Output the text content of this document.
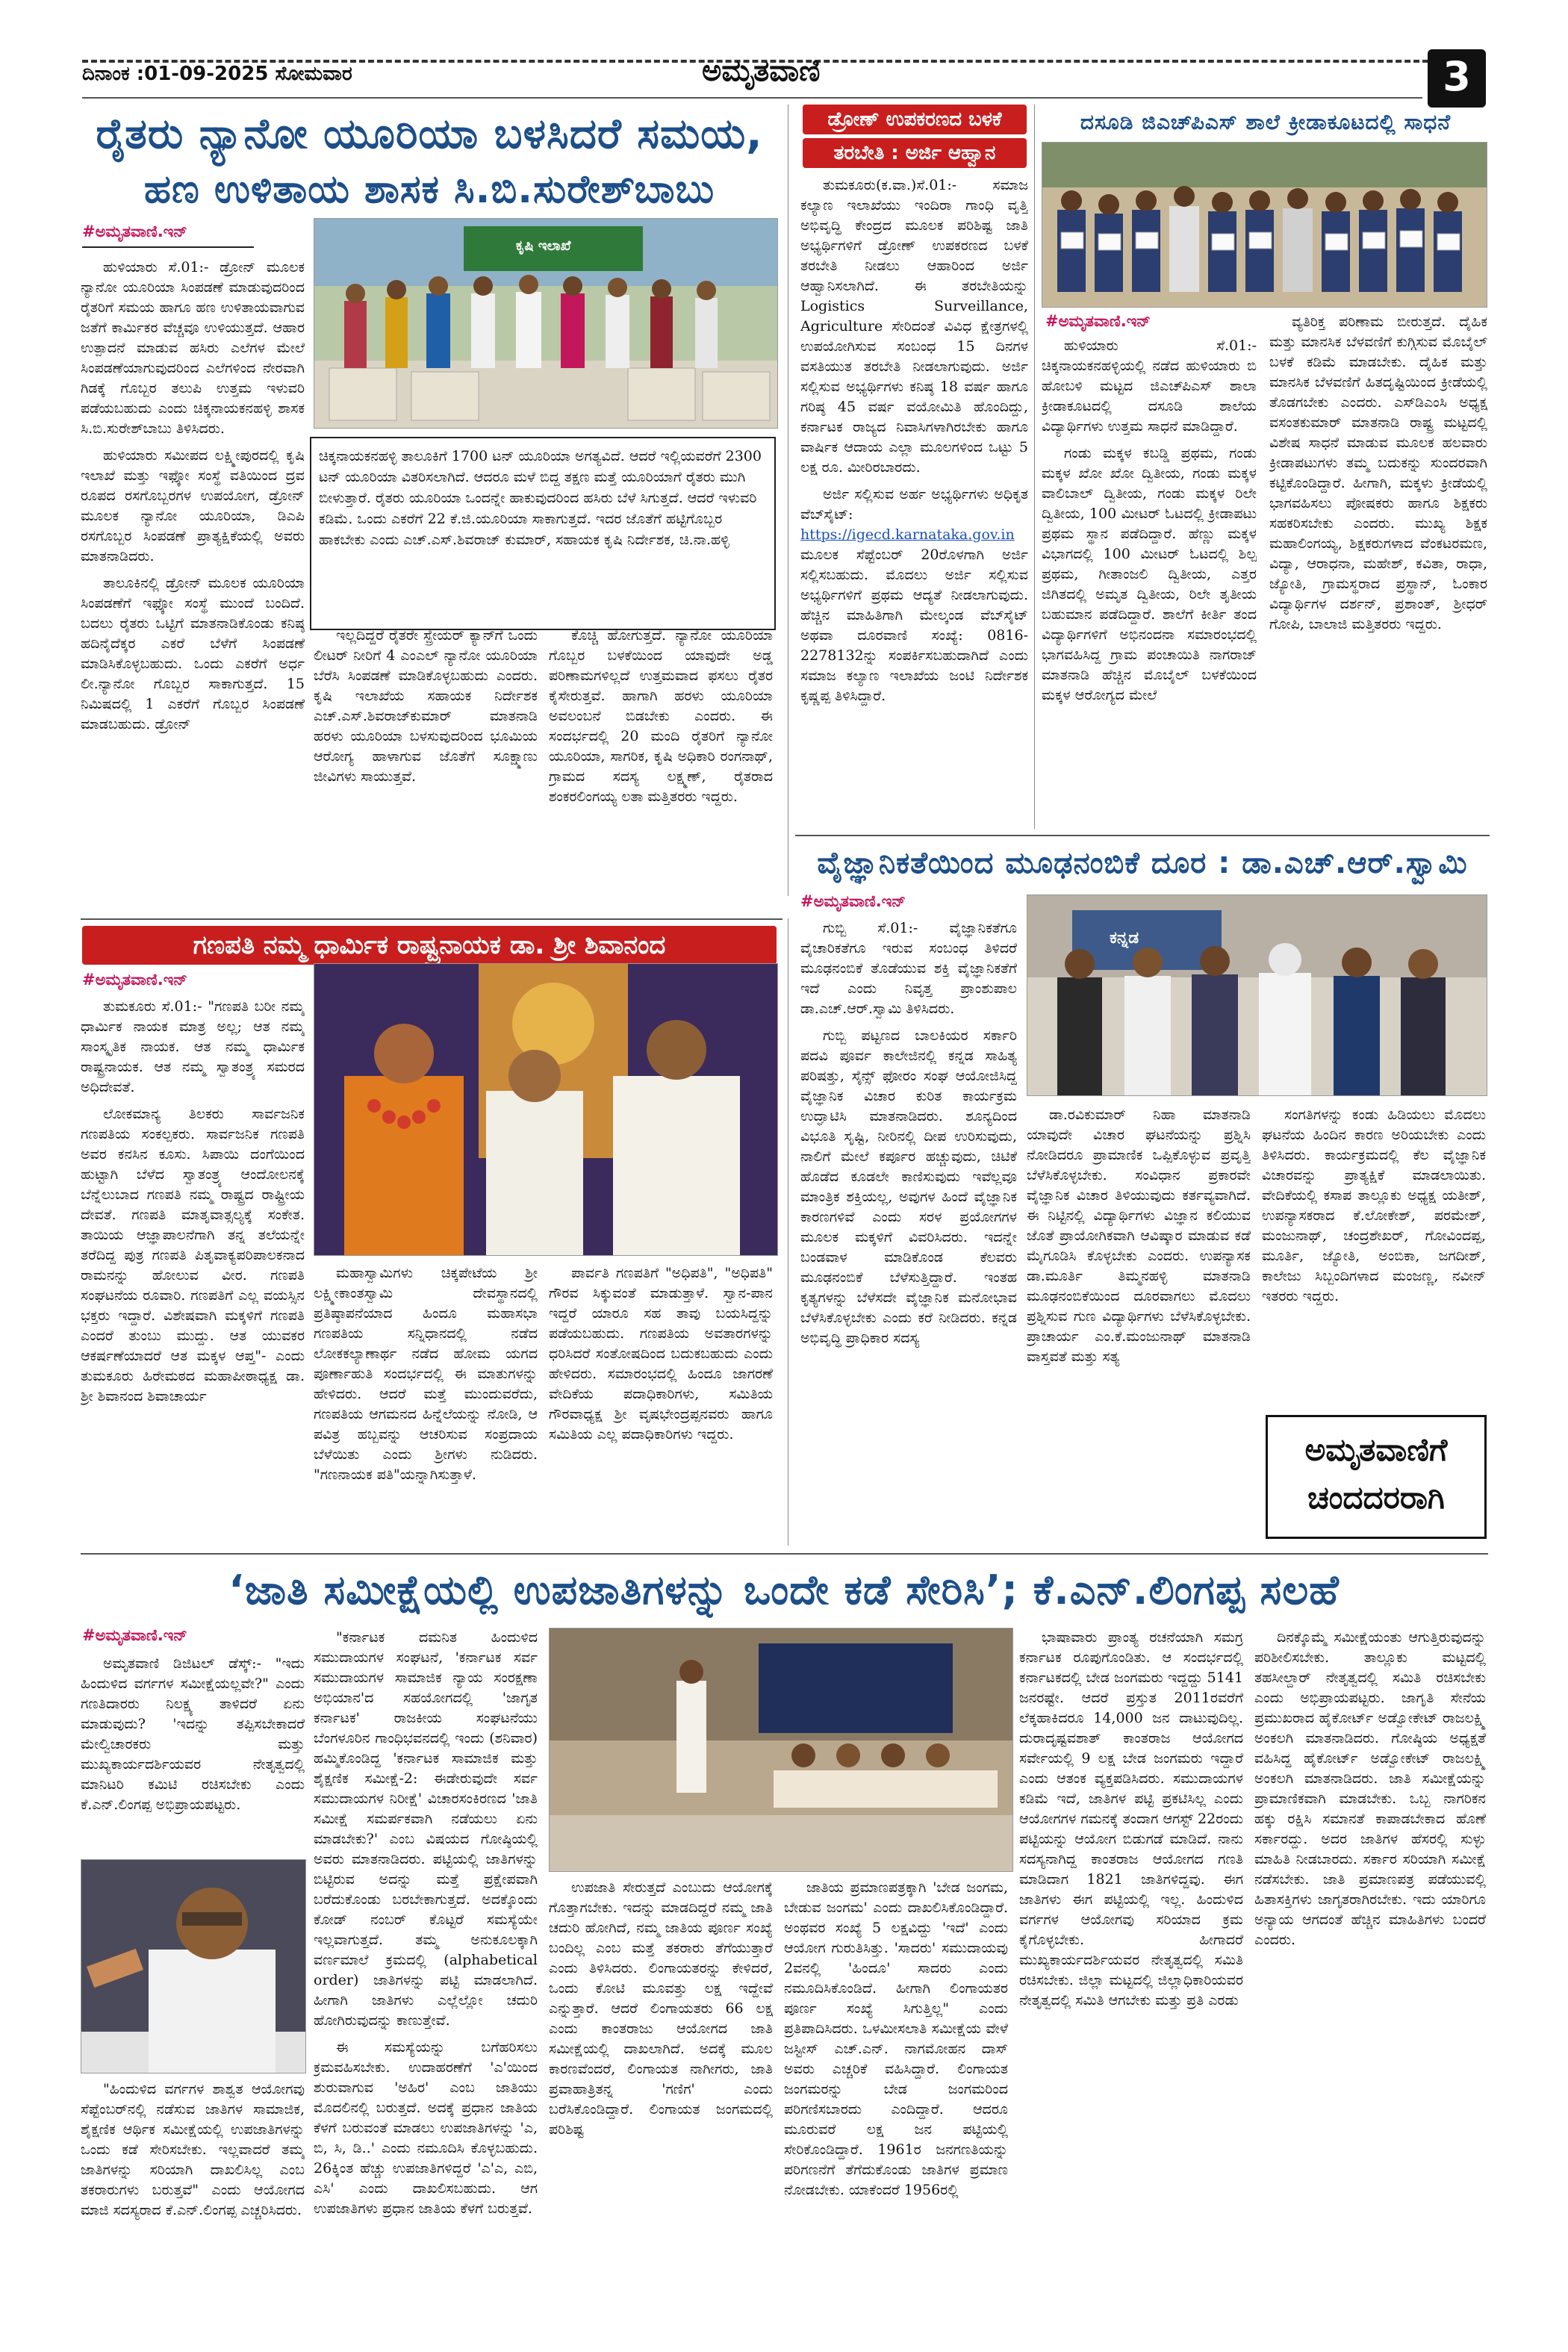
ದಿನಾಂಕ :01-09-2025 ಸೋಮವಾರ	ಅಮೃತವಾಣಿ	3
ರೈತರು ನ್ಯಾನೋ ಯೂರಿಯಾ ಬಳಸಿದರೆ ಸಮಯ,
ಹಣ ಉಳಿತಾಯ ಶಾಸಕ ಸಿ.ಬಿ.ಸುರೇಶ್‍ಬಾಬು
#ಅಮೃತವಾಣಿ.ಇನ್

ಹುಳಿಯಾರು ಸೆ.01:- ಡ್ರೋನ್ ಮೂಲಕ ನ್ಯಾನೋ ಯೂರಿಯಾ ಸಿಂಪಡಣೆ ಮಾಡುವುದರಿಂದ ರೈತರಿಗೆ ಸಮಯ ಹಾಗೂ ಹಣ ಉಳಿತಾಯವಾಗುವ ಜತೆಗೆ ಕಾರ್ಮಿಕರ ವೆಚ್ಚವೂ ಉಳಿಯುತ್ತದೆ. ಆಹಾರ ಉತ್ಪಾದನೆ ಮಾಡುವ ಹಸಿರು ಎಲೆಗಳ ಮೇಲೆ ಸಿಂಪಡಣೆಯಾಗುವುದರಿಂದ ಎಲೆಗಳಿಂದ ನೇರವಾಗಿ ಗಿಡಕ್ಕೆ ಗೊಬ್ಬರ ತಲುಪಿ ಉತ್ತಮ ಇಳುವರಿ ಪಡೆಯಬಹುದು ಎಂದು ಚಿಕ್ಕನಾಯಕನಹಳ್ಳಿ ಶಾಸಕ ಸಿ.ಬಿ.ಸುರೇಶ್‍ಬಾಬು ತಿಳಿಸಿದರು.

ಹುಳಿಯಾರು ಸಮೀಪದ ಲಕ್ಷ್ಮೀಪುರದಲ್ಲಿ ಕೃಷಿ ಇಲಾಖೆ ಮತ್ತು ಇಫ್ಕೋ ಸಂಸ್ಥೆ ವತಿಯಿಂದ ದ್ರವ ರೂಪದ ರಸಗೊಬ್ಬರಗಳ ಉಪಯೋಗ, ಡ್ರೋನ್ ಮೂಲಕ ನ್ಯಾನೋ ಯೂರಿಯಾ, ಡಿಎಪಿ ರಸಗೊಬ್ಬರ ಸಿಂಪಡಣೆ ಪ್ರಾತ್ಯಕ್ಷಿಕೆಯಲ್ಲಿ ಅವರು ಮಾತನಾಡಿದರು.

ತಾಲೂಕಿನಲ್ಲಿ ಡ್ರೋನ್ ಮೂಲಕ ಯೂರಿಯಾ ಸಿಂಪಡಣೆಗೆ ಇಫ್ಕೋ ಸಂಸ್ಥೆ ಮುಂದೆ ಬಂದಿದೆ. ಬದಲು ರೈತರು ಒಟ್ಟಿಗೆ ಮಾತನಾಡಿಕೊಂಡು ಕನಿಷ್ಠ ಹದಿನೈದೆಕ್ಕರ ಎಕರೆ ಬೆಳೆಗೆ ಸಿಂಪಡಣೆ ಮಾಡಿಸಿಕೊಳ್ಳಬಹುದು. ಒಂದು ಎಕರೆಗೆ ಅರ್ಧ ಲೀ.ನ್ಯಾನೋ ಗೊಬ್ಬರ ಸಾಕಾಗುತ್ತದೆ. 15 ನಿಮಿಷದಲ್ಲಿ 1 ಎಕರೆಗೆ ಗೊಬ್ಬರ ಸಿಂಪಡಣೆ ಮಾಡಬಹುದು. ಡ್ರೋನ್

ಕೃಷಿ ಇಲಾಖೆ
ಚಿಕ್ಕನಾಯಕನಹಳ್ಳಿ ತಾಲೂಕಿಗೆ 1700 ಟನ್ ಯೂರಿಯಾ ಅಗತ್ಯವಿದೆ. ಆದರೆ ಇಲ್ಲಿಯವರೆಗೆ 2300 ಟನ್ ಯೂರಿಯಾ ವಿತರಿಸಲಾಗಿದೆ. ಆದರೂ ಮಳೆ ಬಿದ್ದ ತಕ್ಷಣ ಮತ್ತೆ ಯೂರಿಯಾಗೆ ರೈತರು ಮುಗಿ ಬೀಳುತ್ತಾರೆ. ರೈತರು ಯೂರಿಯಾ ಒಂದನ್ನೇ ಹಾಕುವುದರಿಂದ ಹಸಿರು ಬೆಳೆ ಸಿಗುತ್ತದೆ. ಆದರೆ ಇಳುವರಿ ಕಡಿಮೆ. ಒಂದು ಎಕರೆಗೆ 22 ಕೆ.ಜಿ.ಯೂರಿಯಾ ಸಾಕಾಗುತ್ತದೆ. ಇದರ ಜೊತೆಗೆ ಹಟ್ಟಿಗೊಬ್ಬರ ಹಾಕಬೇಕು ಎಂದು ಎಚ್.ಎಸ್.ಶಿವರಾಜ್ ಕುಮಾರ್, ಸಹಾಯಕ ಕೃಷಿ ನಿರ್ದೇಶಕ, ಚಿ.ನಾ.ಹಳ್ಳಿ

ಇಲ್ಲದಿದ್ದರೆ ರೈತರೇ ಸ್ಪ್ರೇಯರ್ ಕ್ಯಾನ್‍ಗೆ ಒಂದು ಲೀಟರ್ ನೀರಿಗೆ 4 ಎಂಎಲ್ ನ್ಯಾನೋ ಯೂರಿಯಾ ಬೆರೆಸಿ ಸಿಂಪಡಣೆ ಮಾಡಿಕೊಳ್ಳಬಹುದು ಎಂದರು. ಕೃಷಿ ಇಲಾಖೆಯ ಸಹಾಯಕ ನಿರ್ದೇಶಕ ಎಚ್.ಎಸ್.ಶಿವರಾಜ್‍ಕುಮಾರ್ ಮಾತನಾಡಿ ಹರಳು ಯೂರಿಯಾ ಬಳಸುವುದರಿಂದ ಭೂಮಿಯ ಆರೋಗ್ಯ ಹಾಳಾಗುವ ಜೊತೆಗೆ ಸೂಕ್ಷ್ಮಾಣು ಜೀವಿಗಳು ಸಾಯುತ್ತವೆ.

ಕೊಚ್ಚಿ ಹೋಗುತ್ತದೆ. ನ್ಯಾನೋ ಯೂರಿಯಾ ಗೊಬ್ಬರ ಬಳಕೆಯಿಂದ ಯಾವುದೇ ಅಡ್ಡ ಪರಿಣಾಮಗಳಿಲ್ಲದೆ ಉತ್ತಮವಾದ ಫಸಲು ರೈತರ ಕೈಸೇರುತ್ತವೆ. ಹಾಗಾಗಿ ಹರಳು ಯೂರಿಯಾ ಅವಲಂಬನೆ ಬಿಡಬೇಕು ಎಂದರು. ಈ ಸಂದರ್ಭದಲ್ಲಿ 20 ಮಂದಿ ರೈತರಿಗೆ ನ್ಯಾನೋ ಯೂರಿಯಾ, ಸಾಗರಿಕ, ಕೃಷಿ ಅಧಿಕಾರಿ ರಂಗನಾಥ್, ಗ್ರಾಮದ ಸದಸ್ಯ ಲಕ್ಷ್ಮಣ್, ರೈತರಾದ ಶಂಕರಲಿಂಗಯ್ಯ ಲತಾ ಮತ್ತಿತರರು ಇದ್ದರು.

ಡ್ರೋಣ್ ಉಪಕರಣದ ಬಳಕೆ
ತರಬೇತಿ : ಅರ್ಜಿ ಆಹ್ವಾನ

ತುಮಕೂರು(ಕ.ವಾ.)ಸೆ.01:- ಸಮಾಜ ಕಲ್ಯಾಣ ಇಲಾಖೆಯು ಇಂದಿರಾ ಗಾಂಧಿ ವೃತ್ತಿ ಅಭಿವೃದ್ಧಿ ಕೇಂದ್ರದ ಮೂಲಕ ಪರಿಶಿಷ್ಟ ಜಾತಿ ಅಭ್ಯರ್ಥಿಗಳಿಗೆ ಡ್ರೋಣ್ ಉಪಕರಣದ ಬಳಕೆ ತರಬೇತಿ ನೀಡಲು ಆಹಾರಿಂದ ಅರ್ಜಿ ಆಹ್ವಾನಿಸಲಾಗಿದೆ. ಈ ತರಬೇತಿಯನ್ನು Logistics Surveillance, Agriculture ಸೇರಿದಂತೆ ವಿವಿಧ ಕ್ಷೇತ್ರಗಳಲ್ಲಿ ಉಪಯೋಗಿಸುವ ಸಂಬಂಧ 15 ದಿನಗಳ ವಸತಿಯುತ ತರಬೇತಿ ನೀಡಲಾಗುವುದು. ಅರ್ಜಿ ಸಲ್ಲಿಸುವ ಅಭ್ಯರ್ಥಿಗಳು ಕನಿಷ್ಠ 18 ವರ್ಷ ಹಾಗೂ ಗರಿಷ್ಠ 45 ವರ್ಷ ವಯೋಮಿತಿ ಹೊಂದಿದ್ದು, ಕರ್ನಾಟಕ ರಾಜ್ಯದ ನಿವಾಸಿಗಳಾಗಿರಬೇಕು ಹಾಗೂ ವಾರ್ಷಿಕ ಆದಾಯ ಎಲ್ಲಾ ಮೂಲಗಳಿಂದ ಒಟ್ಟು 5 ಲಕ್ಷ ರೂ. ಮೀರಿರಬಾರದು.

ಅರ್ಜಿ ಸಲ್ಲಿಸುವ ಅರ್ಹ ಅಭ್ಯರ್ಥಿಗಳು ಅಧಿಕೃತ ವೆಬ್‍ಸೈಟ್: https://igecd.karnataka.gov.in ಮೂಲಕ ಸೆಪ್ಟೆಂಬರ್ 20ರೊಳಗಾಗಿ ಅರ್ಜಿ ಸಲ್ಲಿಸಬಹುದು. ಮೊದಲು ಅರ್ಜಿ ಸಲ್ಲಿಸುವ ಅಭ್ಯರ್ಥಿಗಳಿಗೆ ಪ್ರಥಮ ಆದ್ಯತೆ ನೀಡಲಾಗುವುದು. ಹೆಚ್ಚಿನ ಮಾಹಿತಿಗಾಗಿ ಮೇಲ್ಕಂಡ ವೆಬ್‍ಸೈಟ್ ಅಥವಾ ದೂರವಾಣಿ ಸಂಖ್ಯೆ: 0816-2278132ನ್ನು ಸಂಪರ್ಕಿಸಬಹುದಾಗಿದೆ ಎಂದು ಸಮಾಜ ಕಲ್ಯಾಣ ಇಲಾಖೆಯ ಜಂಟಿ ನಿರ್ದೇಶಕ ಕೃಷ್ಣಪ್ಪ ತಿಳಿಸಿದ್ದಾರೆ.

ದಸೂಡಿ ಜಿಎಚ್‍ಪಿಎಸ್ ಶಾಲೆ ಕ್ರೀಡಾಕೂಟದಲ್ಲಿ ಸಾಧನೆ
#ಅಮೃತವಾಣಿ.ಇನ್

ಹುಳಿಯಾರು ಸೆ.01:- ಚಿಕ್ಕನಾಯಕನಹಳ್ಳಿಯಲ್ಲಿ ನಡೆದ ಹುಳಿಯಾರು ಬಿ ಹೋಬಳಿ ಮಟ್ಟದ ಜಿಎಚ್‍ಪಿಎಸ್ ಶಾಲಾ ಕ್ರೀಡಾಕೂಟದಲ್ಲಿ ದಸೂಡಿ ಶಾಲೆಯ ವಿದ್ಯಾರ್ಥಿಗಳು ಉತ್ತಮ ಸಾಧನೆ ಮಾಡಿದ್ದಾರೆ.

ಗಂಡು ಮಕ್ಕಳ ಕಬಡ್ಡಿ ಪ್ರಥಮ, ಗಂಡು ಮಕ್ಕಳ ಖೋ ಖೋ ದ್ವಿತೀಯ, ಗಂಡು ಮಕ್ಕಳ ವಾಲಿಬಾಲ್ ದ್ವಿತೀಯ, ಗಂಡು ಮಕ್ಕಳ ರಿಲೇ ದ್ವಿತೀಯ, 100 ಮೀಟರ್ ಓಟದಲ್ಲಿ ಕ್ರೀಡಾಪಟು ಪ್ರಥಮ ಸ್ಥಾನ ಪಡೆದಿದ್ದಾರೆ. ಹೆಣ್ಣು ಮಕ್ಕಳ ವಿಭಾಗದಲ್ಲಿ 100 ಮೀಟರ್ ಓಟದಲ್ಲಿ ಶಿಲ್ಪ ಪ್ರಥಮ, ಗೀತಾಂಜಲಿ ದ್ವಿತೀಯ, ಎತ್ತರ ಜಿಗಿತದಲ್ಲಿ ಅಮೃತ ದ್ವಿತೀಯ, ರಿಲೇ ತೃತೀಯ ಬಹುಮಾನ ಪಡೆದಿದ್ದಾರೆ. ಶಾಲೆಗೆ ಕೀರ್ತಿ ತಂದ ವಿದ್ಯಾರ್ಥಿಗಳಿಗೆ ಅಭಿನಂದನಾ ಸಮಾರಂಭದಲ್ಲಿ ಭಾಗವಹಿಸಿದ್ದ ಗ್ರಾಮ ಪಂಚಾಯಿತಿ ನಾಗರಾಜ್ ಮಾತನಾಡಿ ಹೆಚ್ಚಿನ ಮೊಬೈಲ್ ಬಳಕೆಯಿಂದ ಮಕ್ಕಳ ಆರೋಗ್ಯದ ಮೇಲೆ

ವ್ಯತಿರಿಕ್ತ ಪರಿಣಾಮ ಬೀರುತ್ತದೆ. ದೈಹಿಕ ಮತ್ತು ಮಾನಸಿಕ ಬೆಳವಣಿಗೆ ಕುಗ್ಗಿಸುವ ಮೊಬೈಲ್ ಬಳಕೆ ಕಡಿಮೆ ಮಾಡಬೇಕು. ದೈಹಿಕ ಮತ್ತು ಮಾನಸಿಕ ಬೆಳವಣಿಗೆ ಹಿತದೃಷ್ಟಿಯಿಂದ ಕ್ರೀಡೆಯಲ್ಲಿ ತೊಡಗಬೇಕು ಎಂದರು. ಎಸ್‍ಡಿಎಂಸಿ ಅಧ್ಯಕ್ಷ ವಸಂತಕುಮಾರ್ ಮಾತನಾಡಿ ರಾಷ್ಟ್ರ ಮಟ್ಟದಲ್ಲಿ ವಿಶೇಷ ಸಾಧನೆ ಮಾಡುವ ಮೂಲಕ ಹಲವಾರು ಕ್ರೀಡಾಪಟುಗಳು ತಮ್ಮ ಬದುಕನ್ನು ಸುಂದರವಾಗಿ ಕಟ್ಟಿಕೊಂಡಿದ್ದಾರೆ. ಹೀಗಾಗಿ, ಮಕ್ಕಳು ಕ್ರೀಡೆಯಲ್ಲಿ ಭಾಗವಹಿಸಲು ಪೋಷಕರು ಹಾಗೂ ಶಿಕ್ಷಕರು ಸಹಕರಿಸಬೇಕು ಎಂದರು. ಮುಖ್ಯ ಶಿಕ್ಷಕ ಮಹಾಲಿಂಗಯ್ಯ, ಶಿಕ್ಷಕರುಗಳಾದ ವೆಂಕಟರಮಣ, ವಿದ್ಯಾ, ಆರಾಧನಾ, ಮಹೇಶ್, ಕವಿತಾ, ರಾಧಾ, ಜ್ಯೋತಿ, ಗ್ರಾಮಸ್ಥರಾದ ಪ್ರಸ್ಥಾನ್, ಓಂಕಾರ ವಿದ್ಯಾರ್ಥಿಗಳ ದರ್ಶನ್, ಪ್ರಶಾಂತ್, ಶ್ರೀಧರ್ ಗೋಪಿ, ಬಾಲಾಜಿ ಮತ್ತಿತರರು ಇದ್ದರು.

ಗಣಪತಿ ನಮ್ಮ ಧಾರ್ಮಿಕ ರಾಷ್ಟ್ರನಾಯಕ ಡಾ. ಶ್ರೀ ಶಿವಾನಂದ
#ಅಮೃತವಾಣಿ.ಇನ್

ತುಮಕೂರು ಸೆ.01:- "ಗಣಪತಿ ಬರೀ ನಮ್ಮ ಧಾರ್ಮಿಕ ನಾಯಕ ಮಾತ್ರ ಅಲ್ಲ; ಆತ ನಮ್ಮ ಸಾಂಸ್ಕೃತಿಕ ನಾಯಕ. ಆತ ನಮ್ಮ ಧಾರ್ಮಿಕ ರಾಷ್ಟ್ರನಾಯಕ. ಆತ ನಮ್ಮ ಸ್ವಾತಂತ್ರ್ಯ ಸಮರದ ಅಧಿದೇವತೆ.

ಲೋಕಮಾನ್ಯ ತಿಲಕರು ಸಾರ್ವಜನಿಕ ಗಣಪತಿಯ ಸಂಕಲ್ಪಕರು. ಸಾರ್ವಜನಿಕ ಗಣಪತಿ ಅವರ ಕನಸಿನ ಕೂಸು. ಸಿಪಾಯಿ ದಂಗೆಯಿಂದ ಹುಟ್ಟಾಗಿ ಬೆಳೆದ ಸ್ವಾತಂತ್ರ್ಯ ಆಂದೋಲನಕ್ಕೆ ಬೆನ್ನೆಲುಬಾದ ಗಣಪತಿ ನಮ್ಮ ರಾಷ್ಟ್ರದ ರಾಷ್ಟ್ರೀಯ ದೇವತೆ. ಗಣಪತಿ ಮಾತೃವಾತ್ಸಲ್ಯಕ್ಕೆ ಸಂಕೇತ. ತಾಯಿಯ ಆಜ್ಞಾಪಾಲನೆಗಾಗಿ ತನ್ನ ತಲೆಯನ್ನೇ ತರೆದಿದ್ದ ಪುತ್ರ ಗಣಪತಿ ಪಿತೃವಾಕ್ಯಪರಿಪಾಲಕನಾದ ರಾಮನನ್ನು ಹೋಲುವ ವೀರ. ಗಣಪತಿ ಸಂಘಟನೆಯ ರೂವಾರಿ. ಗಣಪತಿಗೆ ಎಲ್ಲ ವಯಸ್ಸಿನ ಭಕ್ತರು ಇದ್ದಾರೆ. ವಿಶೇಷವಾಗಿ ಮಕ್ಕಳಿಗೆ ಗಣಪತಿ ಎಂದರೆ ತುಂಬು ಮುದ್ದು. ಆತ ಯುವಕರ ಆಕರ್ಷಣೆಯಾದರೆ ಆತ ಮಕ್ಕಳ ಆಪ್ತ"- ಎಂದು ತುಮಕೂರು ಹಿರೇಮಠದ ಮಹಾಪೀಠಾಧ್ಯಕ್ಷ ಡಾ. ಶ್ರೀ ಶಿವಾನಂದ ಶಿವಾಚಾರ್ಯ

ಮಹಾಸ್ವಾಮಿಗಳು ಚಿಕ್ಕಪೇಟೆಯ ಶ್ರೀ ಲಕ್ಷ್ಮೀಕಾಂತಸ್ವಾಮಿ ದೇವಸ್ಥಾನದಲ್ಲಿ ಪ್ರತಿಷ್ಠಾಪನೆಯಾದ ಹಿಂದೂ ಮಹಾಸಭಾ ಗಣಪತಿಯ ಸನ್ನಿಧಾನದಲ್ಲಿ ನಡೆದ ಲೋಕಕಲ್ಯಾಣಾರ್ಥ ನಡೆದ ಹೋಮ ಯಗದ ಪೂರ್ಣಾಹುತಿ ಸಂದರ್ಭದಲ್ಲಿ ಈ ಮಾತುಗಳನ್ನು ಹೇಳಿದರು. ಆದರೆ ಮತ್ತೆ ಮುಂದುವರೆದು, ಗಣಪತಿಯ ಆಗಮನದ ಹಿನ್ನೆಲೆಯನ್ನು ನೋಡಿ, ಆ ಪವಿತ್ರ ಹಬ್ಬವನ್ನು ಆಚರಿಸುವ ಸಂಪ್ರದಾಯ ಬೆಳೆಯಿತು ಎಂದು ಶ್ರೀಗಳು ನುಡಿದರು. "ಗಣನಾಯಕ ಪತಿ"ಯನ್ನಾಗಿಸುತ್ತಾಳೆ.

ಪಾರ್ವತಿ ಗಣಪತಿಗೆ "ಅಧಿಪತಿ", "ಅಧಿಪತಿ" ಗೌರವ ಸಿಕ್ಕುವಂತೆ ಮಾಡುತ್ತಾಳೆ. ಸ್ವಾನ-ಪಾನ ಇದ್ದರೆ ಯಾರೂ ಸಹ ತಾವು ಬಯಸಿದ್ದನ್ನು ಪಡೆಯಬಹುದು. ಗಣಪತಿಯ ಅವತಾರಗಳನ್ನು ಧರಿಸಿದರೆ ಸಂತೋಷದಿಂದ ಬದುಕಬಹುದು ಎಂದು ಹೇಳಿದರು. ಸಮಾರಂಭದಲ್ಲಿ ಹಿಂದೂ ಜಾಗರಣೆ ವೇದಿಕೆಯ ಪದಾಧಿಕಾರಿಗಳು, ಸಮಿತಿಯ ಗೌರವಾಧ್ಯಕ್ಷ ಶ್ರೀ ವೃಷಭೇಂದ್ರಪ್ಪನವರು ಹಾಗೂ ಸಮಿತಿಯ ಎಲ್ಲ ಪದಾಧಿಕಾರಿಗಳು ಇದ್ದರು.

ವೈಜ್ಞಾನಿಕತೆಯಿಂದ ಮೂಢನಂಬಿಕೆ ದೂರ : ಡಾ.ಎಚ್.ಆರ್.ಸ್ವಾಮಿ
#ಅಮೃತವಾಣಿ.ಇನ್

ಗುಬ್ಬಿ ಸೆ.01:- ವೈಜ್ಞಾನಿಕತೆಗೂ ವೈಚಾರಿಕತೆಗೂ ಇರುವ ಸಂಬಂಧ ತಿಳಿದರೆ ಮೂಢನಂಬಿಕೆ ತೊಡೆಯುವ ಶಕ್ತಿ ವೈಜ್ಞಾನಿಕತೆಗೆ ಇದೆ ಎಂದು ನಿವೃತ್ತ ಪ್ರಾಂಶುಪಾಲ ಡಾ.ಎಚ್.ಆರ್.ಸ್ವಾಮಿ ತಿಳಿಸಿದರು.

ಗುಬ್ಬಿ ಪಟ್ಟಣದ ಬಾಲಕಿಯರ ಸರ್ಕಾರಿ ಪದವಿ ಪೂರ್ವ ಕಾಲೇಜಿನಲ್ಲಿ ಕನ್ನಡ ಸಾಹಿತ್ಯ ಪರಿಷತ್ತು, ಸೈನ್ಸ್ ಫೋರಂ ಸಂಘ ಆಯೋಜಿಸಿದ್ದ ವೈಜ್ಞಾನಿಕ ವಿಚಾರ ಕುರಿತ ಕಾರ್ಯಕ್ರಮ ಉದ್ಘಾಟಿಸಿ ಮಾತನಾಡಿದರು. ಶೂನ್ಯದಿಂದ ವಿಭೂತಿ ಸೃಷ್ಟಿ, ನೀರಿನಲ್ಲಿ ದೀಪ ಉರಿಸುವುದು, ನಾಲಿಗೆ ಮೇಲೆ ಕರ್ಪೂರ ಹಚ್ಚುವುದು, ಚಿಟಿಕೆ ಹೊಡೆದ ಕೂಡಲೇ ಕಾಣಿಸುವುದು ಇವೆಲ್ಲವೂ ಮಾಂತ್ರಿಕ ಶಕ್ತಿಯಲ್ಲ, ಅವುಗಳ ಹಿಂದೆ ವೈಜ್ಞಾನಿಕ ಕಾರಣಗಳಿವೆ ಎಂದು ಸರಳ ಪ್ರಯೋಗಗಳ ಮೂಲಕ ಮಕ್ಕಳಿಗೆ ವಿವರಿಸಿದರು. ಇದನ್ನೇ ಬಂಡವಾಳ ಮಾಡಿಕೊಂಡ ಕೆಲವರು ಮೂಢನಂಬಿಕೆ ಬೆಳೆಸುತ್ತಿದ್ದಾರೆ. ಇಂತಹ ಕೃತ್ಯಗಳನ್ನು ಬೆಳೆಸದೇ ವೈಜ್ಞಾನಿಕ ಮನೋಭಾವ ಬೆಳೆಸಿಕೊಳ್ಳಬೇಕು ಎಂದು ಕರೆ ನೀಡಿದರು. ಕನ್ನಡ ಅಭಿವೃದ್ಧಿ ಪ್ರಾಧಿಕಾರ ಸದಸ್ಯ

ಕನ್ನಡ

ಡಾ.ರವಿಕುಮಾರ್ ನಿಹಾ ಮಾತನಾಡಿ ಯಾವುದೇ ವಿಚಾರ ಘಟನೆಯನ್ನು ಪ್ರಶ್ನಿಸಿ ನೋಡಿದರೂ ಪ್ರಾಮಾಣಿಕ ಒಪ್ಪಿಕೊಳ್ಳುವ ಪ್ರವೃತ್ತಿ ಬೆಳೆಸಿಕೊಳ್ಳಬೇಕು. ಸಂವಿಧಾನ ಪ್ರಕಾರವೇ ವೈಜ್ಞಾನಿಕ ವಿಚಾರ ತಿಳಿಯುವುದು ಕರ್ತವ್ಯವಾಗಿದೆ. ಈ ನಿಟ್ಟಿನಲ್ಲಿ ವಿದ್ಯಾರ್ಥಿಗಳು ವಿಜ್ಞಾನ ಕಲಿಯುವ ಜೊತೆ ಪ್ರಾಯೋಗಿಕವಾಗಿ ಆವಿಷ್ಕಾರ ಮಾಡುವ ಕಡೆ ಮೈಗೂಡಿಸಿ ಕೊಳ್ಳಬೇಕು ಎಂದರು. ಉಪನ್ಯಾಸಕ ಡಾ.ಮೂರ್ತಿ ತಿಮ್ಮನಹಳ್ಳಿ ಮಾತನಾಡಿ ಮೂಢನಂಬಿಕೆಯಿಂದ ದೂರವಾಗಲು ಮೊದಲು ಪ್ರಶ್ನಿಸುವ ಗುಣ ವಿದ್ಯಾರ್ಥಿಗಳು ಬೆಳೆಸಿಕೊಳ್ಳಬೇಕು. ಪ್ರಾಚಾರ್ಯ ಎಂ.ಕೆ.ಮಂಜುನಾಥ್ ಮಾತನಾಡಿ ವಾಸ್ತವತೆ ಮತ್ತು ಸತ್ಯ

ಸಂಗತಿಗಳನ್ನು ಕಂಡು ಹಿಡಿಯಲು ಮೊದಲು ಘಟನೆಯ ಹಿಂದಿನ ಕಾರಣ ಅರಿಯಬೇಕು ಎಂದು ತಿಳಿಸಿದರು. ಕಾರ್ಯಕ್ರಮದಲ್ಲಿ ಕೆಲ ವೈಜ್ಞಾನಿಕ ವಿಚಾರವನ್ನು ಪ್ರಾತ್ಯಕ್ಷಿಕೆ ಮಾಡಲಾಯಿತು. ವೇದಿಕೆಯಲ್ಲಿ ಕಸಾಪ ತಾಲ್ಲೂಕು ಅಧ್ಯಕ್ಷ ಯತೀಶ್, ಉಪನ್ಯಾಸಕರಾದ ಕೆ.ಲೋಕೇಶ್, ಪರಮೇಶ್, ಮಂಜುನಾಥ್, ಚಂದ್ರಶೇಖರ್, ಗೋವಿಂದಪ್ಪ, ಮೂರ್ತಿ, ಜ್ಯೋತಿ, ಅಂಬಿಕಾ, ಜಗದೀಶ್, ಕಾಲೇಜು ಸಿಬ್ಬಂದಿಗಳಾದ ಮಂಜಣ್ಣ, ನವೀನ್ ಇತರರು ಇದ್ದರು.

ಅಮೃತವಾಣಿಗೆ
ಚಂದದರರಾಗಿ
‘ಜಾತಿ ಸಮೀಕ್ಷೆಯಲ್ಲಿ ಉಪಜಾತಿಗಳನ್ನು ಒಂದೇ ಕಡೆ ಸೇರಿಸಿ’; ಕೆ.ಎನ್.ಲಿಂಗಪ್ಪ ಸಲಹೆ
#ಅಮೃತವಾಣಿ.ಇನ್

ಅಮೃತವಾಣಿ ಡಿಜಿಟಲ್ ಡೆಸ್ಕ್:- "ಇದು ಹಿಂದುಳಿದ ವರ್ಗಗಳ ಸಮೀಕ್ಷೆಯಲ್ಲವೇ?" ಎಂದು ಗಣತಿದಾರರು ನಿಲಕ್ಷ್ಯ ತಾಳಿದರೆ ಏನು ಮಾಡುವುದು? 'ಇದನ್ನು ತಪ್ಪಿಸಬೇಕಾದರೆ ಮೇಲ್ವಿಚಾರಕರು ಮತ್ತು ಮುಖ್ಯಕಾರ್ಯದರ್ಶಿಯವರ ನೇತೃತ್ವದಲ್ಲಿ ಮಾನಿಟರಿ ಕಮಿಟಿ ರಚಿಸಬೇಕು ಎಂದು ಕೆ.ಎನ್.ಲಿಂಗಪ್ಪ ಅಭಿಪ್ರಾಯಪಟ್ಟರು.

"ಹಿಂದುಳಿದ ವರ್ಗಗಳ ಶಾಶ್ವತ ಆಯೋಗವು ಸೆಪ್ಟೆಂಬರ್‌ನಲ್ಲಿ ನಡೆಸುವ ಜಾತಿಗಳ ಸಾಮಾಜಿಕ, ಶೈಕ್ಷಣಿಕ ಆರ್ಥಿಕ ಸಮೀಕ್ಷೆಯಲ್ಲಿ ಉಪಜಾತಿಗಳನ್ನು ಒಂದು ಕಡೆ ಸೇರಿಸಬೇಕು. ಇಲ್ಲವಾದರೆ ತಮ್ಮ ಜಾತಿಗಳನ್ನು ಸರಿಯಾಗಿ ದಾಖಲಿಸಿಲ್ಲ ಎಂಬ ತಕರಾರುಗಳು ಬರುತ್ತವೆ" ಎಂದು ಆಯೋಗದ ಮಾಜಿ ಸದಸ್ಯರಾದ ಕೆ.ಎನ್.ಲಿಂಗಪ್ಪ ಎಚ್ಚರಿಸಿದರು.

"ಕರ್ನಾಟಕ ದಮನಿತ ಹಿಂದುಳಿದ ಸಮುದಾಯಗಳ ಸಂಘಟನೆ, 'ಕರ್ನಾಟಕ ಸರ್ವ ಸಮುದಾಯಗಳ ಸಾಮಾಜಿಕ ನ್ಯಾಯ ಸಂರಕ್ಷಣಾ ಅಭಿಯಾನ'ದ ಸಹಯೋಗದಲ್ಲಿ 'ಜಾಗೃತ ಕರ್ನಾಟಕ' ರಾಜಕೀಯ ಸಂಘಟನೆಯು ಬೆಂಗಳೂರಿನ ಗಾಂಧಿಭವನದಲ್ಲಿ ಇಂದು (ಶನಿವಾರ) ಹಮ್ಮಿಕೊಂಡಿದ್ದ 'ಕರ್ನಾಟಕ ಸಾಮಾಜಿಕ ಮತ್ತು ಶೈಕ್ಷಣಿಕ ಸಮೀಕ್ಷೆ-2: ಈಡೇರುವುದೇ ಸರ್ವ ಸಮುದಾಯಗಳ ನಿರೀಕ್ಷೆ' ವಿಚಾರಸಂಕಿರಣದ 'ಜಾತಿ ಸಮೀಕ್ಷೆ ಸಮರ್ಪಕವಾಗಿ ನಡೆಯಲು ಏನು ಮಾಡಬೇಕು?' ಎಂಬ ವಿಷಯದ ಗೋಷ್ಠಿಯಲ್ಲಿ ಅವರು ಮಾತನಾಡಿದರು. ಪಟ್ಟಿಯಲ್ಲಿ ಜಾತಿಗಳನ್ನು ಬಿಟ್ಟಿರುವ ಅದನ್ನು ಮತ್ತೆ ಪ್ರಕ್ಷೇಪವಾಗಿ ಬರೆದುಕೊಂಡು ಬರಬೇಕಾಗುತ್ತದೆ. ಅದಕ್ಕೊಂದು ಕೋಡ್ ನಂಬರ್ ಕೊಟ್ಟರೆ ಸಮಸ್ಯೆಯೇ ಇಲ್ಲವಾಗುತ್ತದೆ. ತಮ್ಮ ಅನುಕೂಲಕ್ಕಾಗಿ ವರ್ಣಮಾಲೆ ಕ್ರಮದಲ್ಲಿ (alphabetical order) ಜಾತಿಗಳನ್ನು ಪಟ್ಟಿ ಮಾಡಲಾಗಿದೆ. ಹೀಗಾಗಿ ಜಾತಿಗಳು ಎಲ್ಲೆಲ್ಲೋ ಚದುರಿ ಹೋಗಿರುವುದನ್ನು ಕಾಣುತ್ತೇವೆ.

ಈ ಸಮಸ್ಯೆಯನ್ನು ಬಗೆಹರಿಸಲು ಕ್ರಮವಹಿಸಬೇಕು. ಉದಾಹರಣೆಗೆ 'ಎ'ಯಿಂದ ಶುರುವಾಗುವ 'ಅಹಿರ' ಎಂಬ ಜಾತಿಯು ಮೊದಲಿನಲ್ಲಿ ಬರುತ್ತದೆ. ಅದಕ್ಕೆ ಪ್ರಧಾನ ಜಾತಿಯ ಕೆಳಗೆ ಬರುವಂತೆ ಮಾಡಲು ಉಪಜಾತಿಗಳನ್ನು 'ಎ, ಬಿ, ಸಿ, ಡಿ..' ಎಂದು ನಮೂದಿಸಿ ಕೊಳ್ಳಬಹುದು. 26ಕ್ಕಿಂತ ಹೆಚ್ಚು ಉಪಜಾತಿಗಳಿದ್ದರೆ 'ಎ'ಎ, ಎಬಿ, ಎಸಿ' ಎಂದು ದಾಖಲಿಸಬಹುದು. ಆಗ ಉಪಜಾತಿಗಳು ಪ್ರಧಾನ ಜಾತಿಯ ಕೆಳಗೆ ಬರುತ್ತವೆ.

ಉಪಜಾತಿ ಸೇರುತ್ತದೆ ಎಂಬುದು ಆಯೋಗಕ್ಕೆ ಗೊತ್ತಾಗಬೇಕು. ಇದನ್ನು ಮಾಡದಿದ್ದರೆ ನಮ್ಮ ಜಾತಿ ಚದುರಿ ಹೋಗಿದೆ, ನಮ್ಮ ಜಾತಿಯ ಪೂರ್ಣ ಸಂಖ್ಯೆ ಬಂದಿಲ್ಲ ಎಂಬ ಮತ್ತೆ ತಕರಾರು ತೆಗೆಯುತ್ತಾರೆ ಎಂದು ತಿಳಿಸಿದರು. ಲಿಂಗಾಯತರನ್ನು ಕೇಳಿದರೆ, ಒಂದು ಕೋಟಿ ಮೂವತ್ತು ಲಕ್ಷ ಇದ್ದೇವೆ ಎನ್ನುತ್ತಾರೆ. ಆದರೆ ಲಿಂಗಾಯತರು 66 ಲಕ್ಷ ಎಂದು ಕಾಂತರಾಜು ಆಯೋಗದ ಜಾತಿ ಸಮೀಕ್ಷೆಯಲ್ಲಿ ದಾಖಲಾಗಿದೆ. ಅದಕ್ಕೆ ಮೂಲ ಕಾರಣವೆಂದರೆ, ಲಿಂಗಾಯತ ನಾಗೀಗರು, ಜಾತಿ ಪ್ರವಾಹಾತ್ರಿತನ್ನ 'ಗಣಿಗ' ಎಂದು ಬರೆಸಿಕೊಂಡಿದ್ದಾರೆ. ಲಿಂಗಾಯತ ಜಂಗಮದಲ್ಲಿ ಪರಿಶಿಷ್ಟ

ಜಾತಿಯ ಪ್ರಮಾಣಪತ್ರಕ್ಕಾಗಿ 'ಬೇಡ ಜಂಗಮ, ಬೇಡುವ ಜಂಗಮ' ಎಂದು ದಾಖಲಿಸಿಕೊಂಡಿದ್ದಾರೆ. ಅಂಥವರ ಸಂಖ್ಯೆ 5 ಲಕ್ಷವಿದ್ದು 'ಇದೆ' ಎಂದು ಆಯೋಗ ಗುರುತಿಸಿತ್ತು. 'ಸಾದರು' ಸಮುದಾಯವು 2ವನಲ್ಲಿ 'ಹಿಂದೂ' ಸಾದರು ಎಂದು ನಮೂದಿಸಿಕೊಂಡಿದೆ. ಹೀಗಾಗಿ ಲಿಂಗಾಯತರ ಪೂರ್ಣ ಸಂಖ್ಯೆ ಸಿಗುತ್ತಿಲ್ಲ" ಎಂದು ಪ್ರತಿಪಾದಿಸಿದರು. ಒಳಮೀಸಲಾತಿ ಸಮೀಕ್ಷೆಯ ವೇಳೆ ಜಸ್ಟೀಸ್ ಎಚ್.ಎನ್. ನಾಗಮೋಹನ ದಾಸ್ ಅವರು ಎಚ್ಚರಿಕೆ ವಹಿಸಿದ್ದಾರೆ. ಲಿಂಗಾಯತ ಜಂಗಮರನ್ನು ಬೇಡ ಜಂಗಮರಿಂದ ಪರಿಗಣಿಸಬಾರದು ಎಂದಿದ್ದಾರೆ. ಆದರೂ ಮೂರುವರೆ ಲಕ್ಷ ಜನ ಪಟ್ಟಿಯಲ್ಲಿ ಸೇರಿಕೊಂಡಿದ್ದಾರೆ. 1961ರ ಜನಗಣತಿಯನ್ನು ಪರಿಗಣನೆಗೆ ತೆಗೆದುಕೊಂಡು ಜಾತಿಗಳ ಪ್ರಮಾಣ ನೋಡಬೇಕು. ಯಾಕೆಂದರೆ 1956ರಲ್ಲಿ

ಭಾಷಾವಾರು ಪ್ರಾಂತ್ಯ ರಚನೆಯಾಗಿ ಸಮಗ್ರ ಕರ್ನಾಟಕ ರೂಪುಗೊಂಡಿತು. ಆ ಸಂದರ್ಭದಲ್ಲಿ ಕರ್ನಾಟಕದಲ್ಲಿ ಬೇಡ ಜಂಗಮರು ಇದ್ದದ್ದು 5141 ಜನರಷ್ಟೇ. ಆದರೆ ಪ್ರಸ್ತುತ 2011ರವರೆಗೆ ಲೆಕ್ಕಹಾಕಿದರೂ 14,000 ಜನ ದಾಟುವುದಿಲ್ಲ. ದುರಾದೃಷ್ಟವಶಾತ್ ಕಾಂತರಾಜ ಆಯೋಗದ ಸರ್ವೇಯಲ್ಲಿ 9 ಲಕ್ಷ ಬೇಡ ಜಂಗಮರು ಇದ್ದಾರೆ ಎಂದು ಆತಂಕ ವ್ಯಕ್ತಪಡಿಸಿದರು. ಸಮುದಾಯಗಳ ಕಡಿಮೆ ಇದೆ, ಜಾತಿಗಳ ಪಟ್ಟಿ ಪ್ರಕಟಿಸಿಲ್ಲ ಎಂದು ಆಯೋಗಗಳ ಗಮನಕ್ಕೆ ತಂದಾಗ ಆಗಸ್ಟ್ 22ರಂದು ಪಟ್ಟಿಯನ್ನು ಆಯೋಗ ಬಿಡುಗಡೆ ಮಾಡಿದೆ. ನಾನು ಸದಸ್ಯನಾಗಿದ್ದ ಕಾಂತರಾಜ ಆಯೋಗದ ಗಣತಿ ಮಾಡಿದಾಗ 1821 ಜಾತಿಗಳಿದ್ದವು. ಈಗ ಜಾತಿಗಳು ಈಗ ಪಟ್ಟಿಯಲ್ಲಿ ಇಲ್ಲ. ಹಿಂದುಳಿದ ವರ್ಗಗಳ ಆಯೋಗವು ಸರಿಯಾದ ಕ್ರಮ ಕೈಗೊಳ್ಳಬೇಕು. ಹೀಗಾದರೆ ಮುಖ್ಯಕಾರ್ಯದರ್ಶಿಯವರ ನೇತೃತ್ವದಲ್ಲಿ ಸಮಿತಿ ರಚಿಸಬೇಕು. ಜಿಲ್ಲಾ ಮಟ್ಟದಲ್ಲಿ ಜಿಲ್ಲಾಧಿಕಾರಿಯವರ ನೇತೃತ್ವದಲ್ಲಿ ಸಮಿತಿ ಆಗಬೇಕು ಮತ್ತು ಪ್ರತಿ ಎರಡು

ದಿನಕ್ಕೊಮ್ಮೆ ಸಮೀಕ್ಷೆಯಂತು ಆಗುತ್ತಿರುವುದನ್ನು ಪರಿಶೀಲಿಸಬೇಕು. ತಾಲ್ಲೂಕು ಮಟ್ಟದಲ್ಲಿ ತಹಸೀಲ್ದಾರ್ ನೇತೃತ್ವದಲ್ಲಿ ಸಮಿತಿ ರಚಿಸಬೇಕು ಎಂದು ಅಭಿಪ್ರಾಯಪಟ್ಟರು. ಜಾಗೃತಿ ಸೇನೆಯ ಪ್ರಮುಖರಾದ ಹೈಕೋರ್ಟ್ ಅಡ್ವೋಕೇಟ್ ರಾಜಲಕ್ಷ್ಮಿ ಅಂಕಲಗಿ ಮಾತನಾಡಿದರು. ಗೋಷ್ಠಿಯ ಅಧ್ಯಕ್ಷತೆ ವಹಿಸಿದ್ದ ಹೈಕೋರ್ಟ್ ಅಡ್ವೋಕೇಟ್ ರಾಜಲಕ್ಷ್ಮಿ ಅಂಕಲಗಿ ಮಾತನಾಡಿದರು. ಜಾತಿ ಸಮೀಕ್ಷೆಯನ್ನು ಪ್ರಾಮಾಣಿಕವಾಗಿ ಮಾಡಬೇಕು. ಒಬ್ಬ ನಾಗರಿಕನ ಹಕ್ಕು ರಕ್ಷಿಸಿ ಸಮಾನತೆ ಕಾಪಾಡಬೇಕಾದ ಹೊಣೆ ಸರ್ಕಾರದ್ದು. ಅದರ ಜಾತಿಗಳ ಹೆಸರಲ್ಲಿ ಸುಳ್ಳು ಮಾಹಿತಿ ನೀಡಬಾರದು. ಸರ್ಕಾರ ಸರಿಯಾಗಿ ಸಮೀಕ್ಷೆ ನಡೆಸಬೇಕು. ಜಾತಿ ಪ್ರಮಾಣಪತ್ರ ಪಡೆಯುವಲ್ಲಿ ಹಿತಾಸಕ್ತಿಗಳು ಜಾಗೃತರಾಗಿರಬೇಕು. ಇದು ಯಾರಿಗೂ ಅನ್ಯಾಯ ಆಗದಂತೆ ಹೆಚ್ಚಿನ ಮಾಹಿತಿಗಳು ಬಂದರೆ ಎಂದರು.
